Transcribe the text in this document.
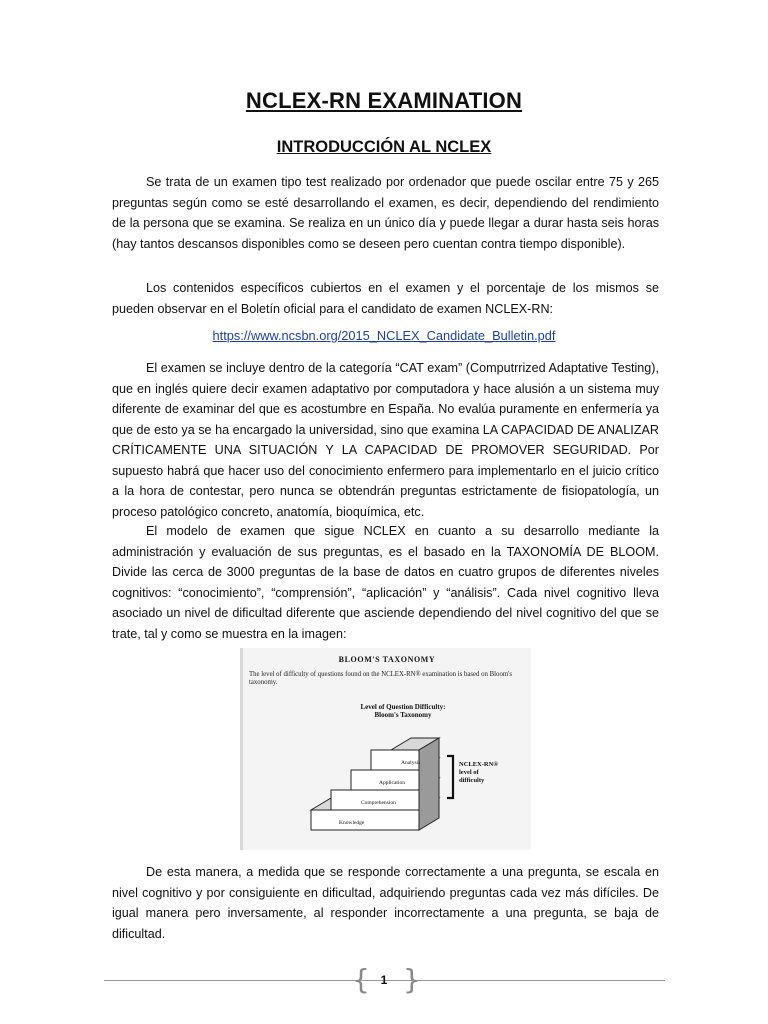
NCLEX-RN EXAMINATION
INTRODUCCIÓN AL NCLEX

Se trata de un examen tipo test realizado por ordenador que puede oscilar entre 75 y 265 preguntas según como se esté desarrollando el examen, es decir, dependiendo del rendimiento de la persona que se examina. Se realiza en un único día y puede llegar a durar hasta seis horas (hay tantos descansos disponibles como se deseen pero cuentan contra tiempo disponible).

Los contenidos específicos cubiertos en el examen y el porcentaje de los mismos se pueden observar en el Boletín oficial para el candidato de examen NCLEX-RN:

https://www.ncsbn.org/2015_NCLEX_Candidate_Bulletin.pdf

El examen se incluye dentro de la categoría “CAT exam” (Computrrized Adaptative Testing), que en inglés quiere decir examen adaptativo por computadora y hace alusión a un sistema muy diferente de examinar del que es acostumbre en España. No evalúa puramente en enfermería ya que de esto ya se ha encargado la universidad, sino que examina LA CAPACIDAD DE ANALIZAR CRÍTICAMENTE UNA SITUACIÓN Y LA CAPACIDAD DE PROMOVER SEGURIDAD. Por supuesto habrá que hacer uso del conocimiento enfermero para implementarlo en el juicio crítico a la hora de contestar, pero nunca se obtendrán preguntas estrictamente de fisiopatología, un proceso patológico concreto, anatomía, bioquímica, etc.

El modelo de examen que sigue NCLEX en cuanto a su desarrollo mediante la administración y evaluación de sus preguntas, es el basado en la TAXONOMÍA DE BLOOM. Divide las cerca de 3000 preguntas de la base de datos en cuatro grupos de diferentes niveles cognitivos: “conocimiento”, “comprensión”, “aplicación” y “análisis”. Cada nivel cognitivo lleva asociado un nivel de dificultad diferente que asciende dependiendo del nivel cognitivo del que se trate, tal y como se muestra en la imagen:

BLOOM'S TAXONOMY
The level of difficulty of questions found on the NCLEX-RN® examination is based on Bloom's taxonomy.
Level of Question Difficulty:
Bloom's Taxonomy
Knowledge
Comprehension
Application
Analysis	NCLEX-RN®
level of
difficulty

De esta manera, a medida que se responde correctamente a una pregunta, se escala en nivel cognitivo y por consiguiente en dificultad, adquiriendo preguntas cada vez más difíciles. De igual manera pero inversamente, al responder incorrectamente a una pregunta, se baja de dificultad.

{ }
1
